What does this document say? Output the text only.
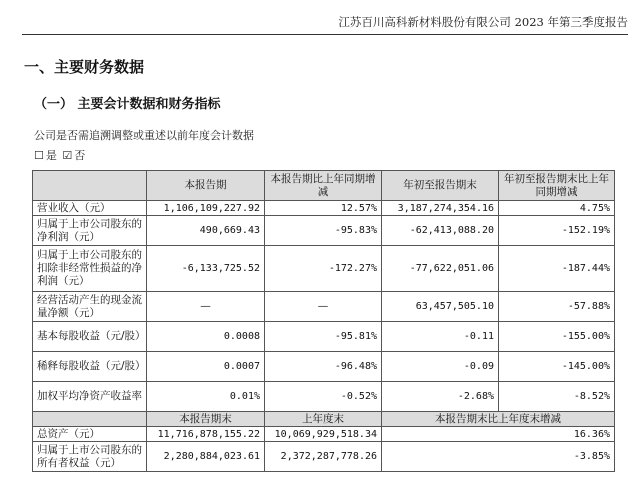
江苏百川高科新材料股份有限公司 2023 年第三季度报告
一、主要财务数据
（一） 主要会计数据和财务指标
公司是否需追溯调整或重述以前年度会计数据
☐ 是 ☑ 否
	本报告期	本报告期比上年同期增减	年初至报告期末	年初至报告期末比上年同期增减
营业收入（元）	1,106,109,227.92	12.57%	3,187,274,354.16	4.75%
归属于上市公司股东的净利润（元）	490,669.43	-95.83%	-62,413,088.20	-152.19%
归属于上市公司股东的扣除非经常性损益的净利润（元）	-6,133,725.52	-172.27%	-77,622,051.06	-187.44%
经营活动产生的现金流量净额（元）	—	—	63,457,505.10	-57.88%
基本每股收益（元/股）	0.0008	-95.81%	-0.11	-155.00%
稀释每股收益（元/股）	0.0007	-96.48%	-0.09	-145.00%
加权平均净资产收益率	0.01%	-0.52%	-2.68%	-8.52%
	本报告期末	上年度末	本报告期末比上年度末增减	
总资产（元）	11,716,878,155.22	10,069,929,518.34	16.36%	
归属于上市公司股东的所有者权益（元）	2,280,884,023.61	2,372,287,778.26	-3.85%	
